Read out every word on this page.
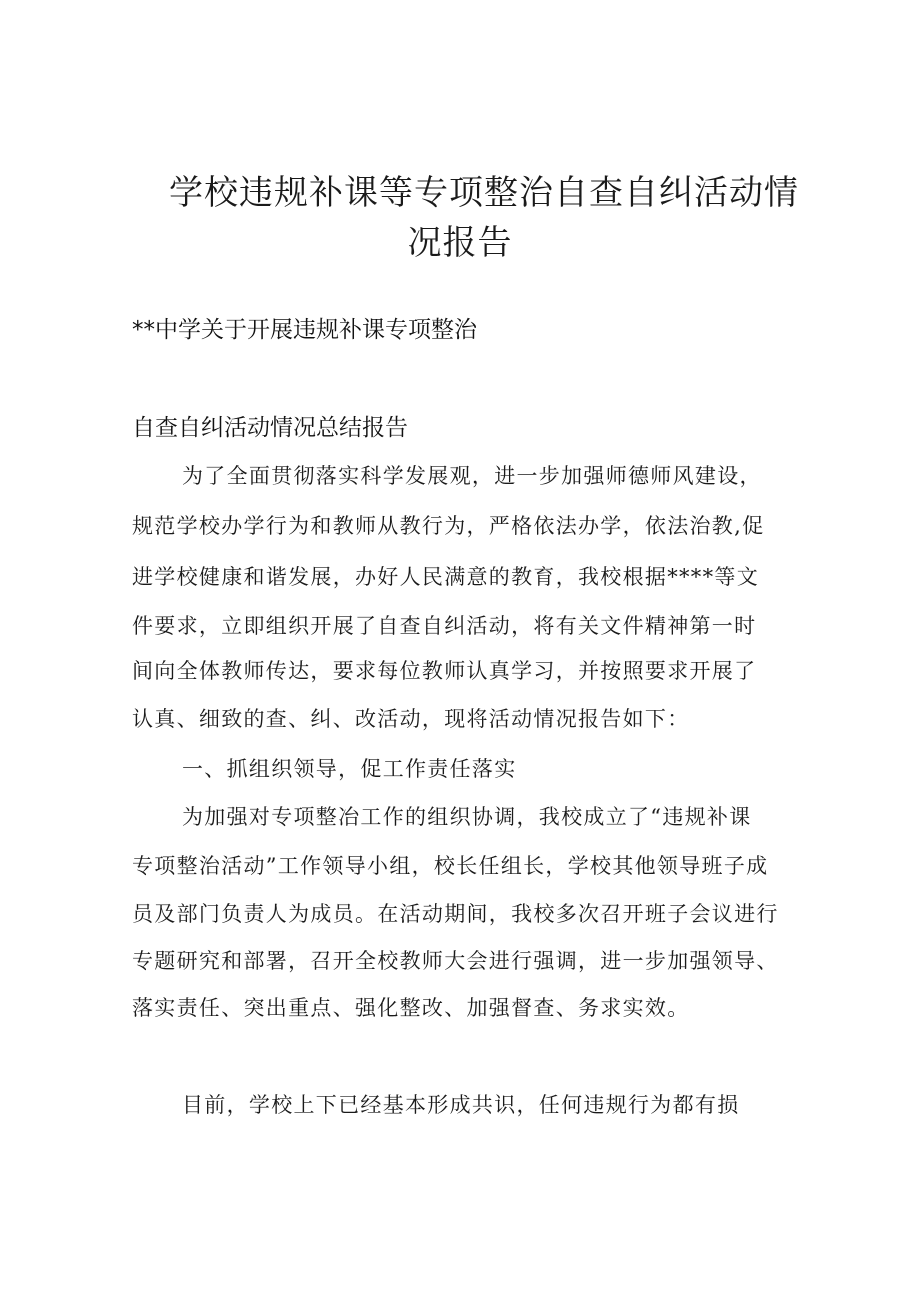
学校违规补课等专项整治自查自纠活动情
况报告
**中学关于开展违规补课专项整治
自查自纠活动情况总结报告
为了全面贯彻落实科学发展观，进一步加强师德师风建设，
规范学校办学行为和教师从教行为，严格依法办学，依法治教,促
进学校健康和谐发展，办好人民满意的教育，我校根据****等文
件要求，立即组织开展了自查自纠活动，将有关文件精神第一时
间向全体教师传达，要求每位教师认真学习，并按照要求开展了
认真、细致的查、纠、改活动，现将活动情况报告如下：
一、抓组织领导，促工作责任落实
为加强对专项整冶工作的组织协调，我校成立了“违规补课
专项整治活动”工作领导小组，校长任组长，学校其他领导班子成
员及部门负责人为成员。在活动期间，我校多次召开班子会议进行
专题研究和部署，召开全校教师大会进行强调，进一步加强领导、
落实责任、突出重点、强化整改、加强督查、务求实效。
目前，学校上下已经基本形成共识，任何违规行为都有损
